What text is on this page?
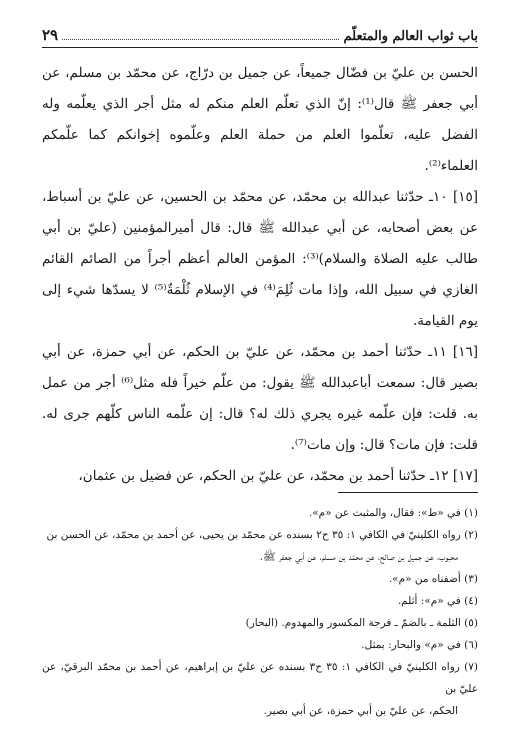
باب ثواب العالم والمتعلّم
٢٩

الحسن بن عليّ بن فضّال جميعاً، عن جميل بن درّاج، عن محمّد بن مسلم، عن أبي جعفر ﷺ قال⁽¹⁾: إنّ الذي تعلّم العلم منكم له مثل أجر الذي يعلّمه وله الفضل عليه، تعلّموا العلم من حملة العلم وعلّموه إخوانكم كما علّمكم العلماء⁽²⁾.

[١٥] ١٠ـ حدّثنا عبدالله بن محمّد، عن محمّد بن الحسين، عن عليّ بن أسباط، عن بعض أصحابه، عن أبي عبدالله ﷺ قال: قال أميرالمؤمنين (عليّ بن أبي طالب عليه الصلاة والسلام)⁽³⁾: المؤمن العالم أعظم أجراً من الصائم القائم الغازي في سبيل الله، وإذا مات ثُلِمَ⁽⁴⁾ في الإسلام ثُلْمَةٌ⁽⁵⁾ لا يسدّها شيء إلى يوم القيامة.

[١٦] ١١ـ حدّثنا أحمد بن محمّد، عن عليّ بن الحكم، عن أبي حمزة، عن أبي بصير قال: سمعت أباعبدالله ﷺ يقول: من علّم خيراً فله مثل⁽⁶⁾ أجر من عمل به. قلت: فإن علّمه غيره يجري ذلك له؟ قال: إن علّمه الناس كلّهم جرى له. قلت: فإن مات؟ قال: وإن مات⁽⁷⁾.

[١٧] ١٢ـ حدّثنا أحمد بن محمّد، عن عليّ بن الحكم، عن فضيل بن عثمان،

(١) في «ط»: فقال، والمثبت عن «م».

(٢) رواه الكلينيّ في الكافي ١: ٣٥ ح٢ بسنده عن محمّد بن يحيى، عن أحمد بن محمّد، عن الحسن بن

محبوب، عن جميل بن صالح، عن محمّد بن مسلم، عن أبي جعفر ﷺ.

(٣) أضفناه من «م».

(٤) في «م»: أثلم.

(٥) الثلمة ـ بالضمّ ـ فرجة المكسور والمهدوم. (البحار)

(٦) في «م» والبحار: بمثل.

(٧) رواه الكلينيّ في الكافي ١: ٣٥ ح٣ بسنده عن عليّ بن إبراهيم، عن أحمد بن محمّد البرقيّ، عن عليّ بن

الحكم، عن عليّ بن أبي حمزة، عن أبي بصير.
